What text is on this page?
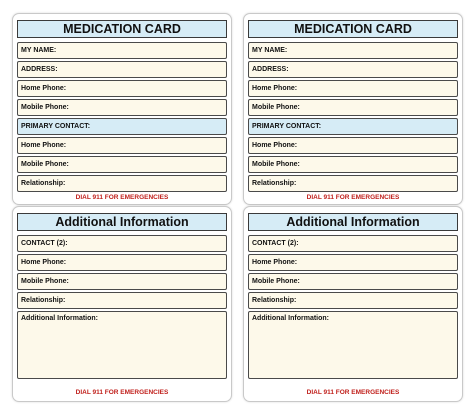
MEDICATION CARD
MY NAME:
ADDRESS:
Home Phone:
Mobile Phone:
PRIMARY CONTACT:
Home Phone:
Mobile Phone:
Relationship:
DIAL 911 FOR EMERGENCIES
MEDICATION CARD
MY NAME:
ADDRESS:
Home Phone:
Mobile Phone:
PRIMARY CONTACT:
Home Phone:
Mobile Phone:
Relationship:
DIAL 911 FOR EMERGENCIES
Additional Information
CONTACT (2):
Home Phone:
Mobile Phone:
Relationship:
Additional Information:
DIAL 911 FOR EMERGENCIES
Additional Information
CONTACT (2):
Home Phone:
Mobile Phone:
Relationship:
Additional Information:
DIAL 911 FOR EMERGENCIES
